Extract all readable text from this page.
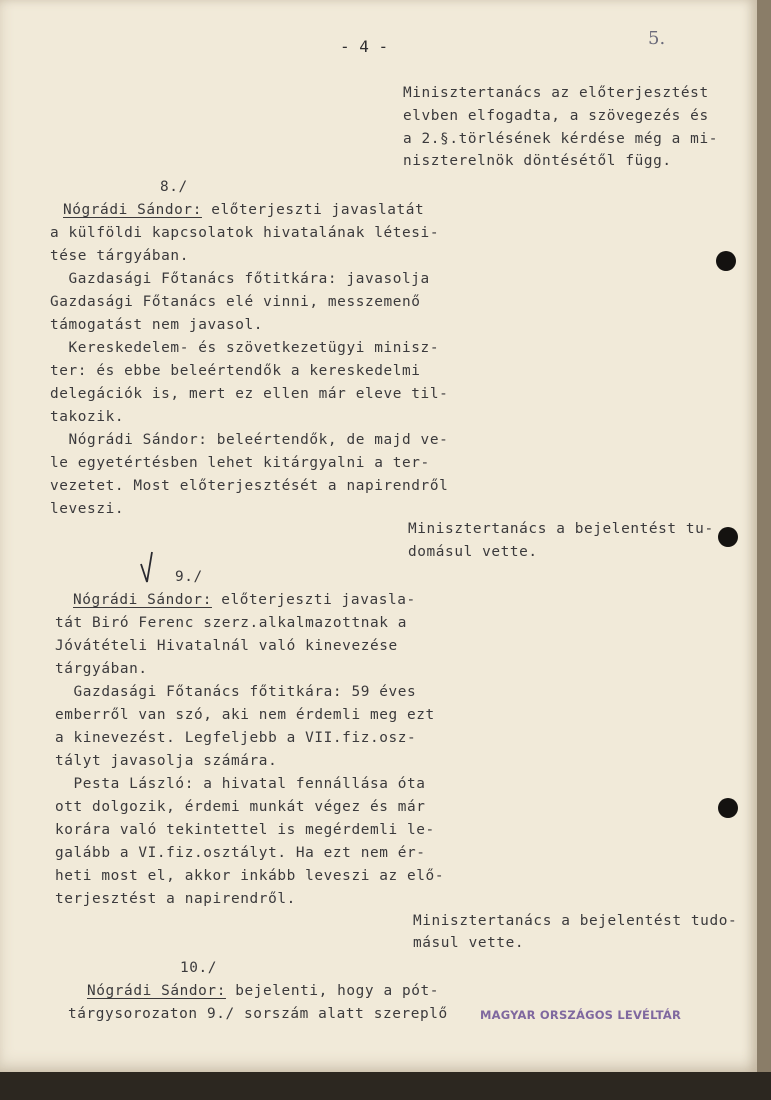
- 4 -	5.
Minisztertanács az előterjesztést
elvben elfogadta, a szövegezés és
a 2.§.törlésének kérdése még a mi-
niszterelnök döntésétől függ.
8./
Nógrádi Sándor: előterjeszti javaslatát
a külföldi kapcsolatok hivatalának létesi-
tése tárgyában.
Gazdasági Főtanács főtitkára: javasolja
Gazdasági Főtanács elé vinni, messzemenő
támogatást nem javasol.
Kereskedelem- és szövetkezetügyi minisz-
ter: és ebbe beleértendők a kereskedelmi
delegációk is, mert ez ellen már eleve til-
takozik.
Nógrádi Sándor: beleértendők, de majd ve-
le egyetértésben lehet kitárgyalni a ter-
vezetet. Most előterjesztését a napirendről
leveszi.
Minisztertanács a bejelentést tu-
domásul vette.
9./
Nógrádi Sándor: előterjeszti javasla-
tát Biró Ferenc szerz.alkalmazottnak a
Jóvátételi Hivatalnál való kinevezése
tárgyában.
Gazdasági Főtanács főtitkára: 59 éves
emberről van szó, aki nem érdemli meg ezt
a kinevezést. Legfeljebb a VII.fiz.osz-
tályt javasolja számára.
Pesta László: a hivatal fennállása óta
ott dolgozik, érdemi munkát végez és már
korára való tekintettel is megérdemli le-
galább a VI.fiz.osztályt. Ha ezt nem ér-
heti most el, akkor inkább leveszi az elő-
terjesztést a napirendről.
Minisztertanács a bejelentést tudo-
másul vette.
10./
Nógrádi Sándor: bejelenti, hogy a pót-
tárgysorozaton 9./ sorszám alatt szereplő	MAGYAR ORSZÁGOS LEVÉLTÁR
